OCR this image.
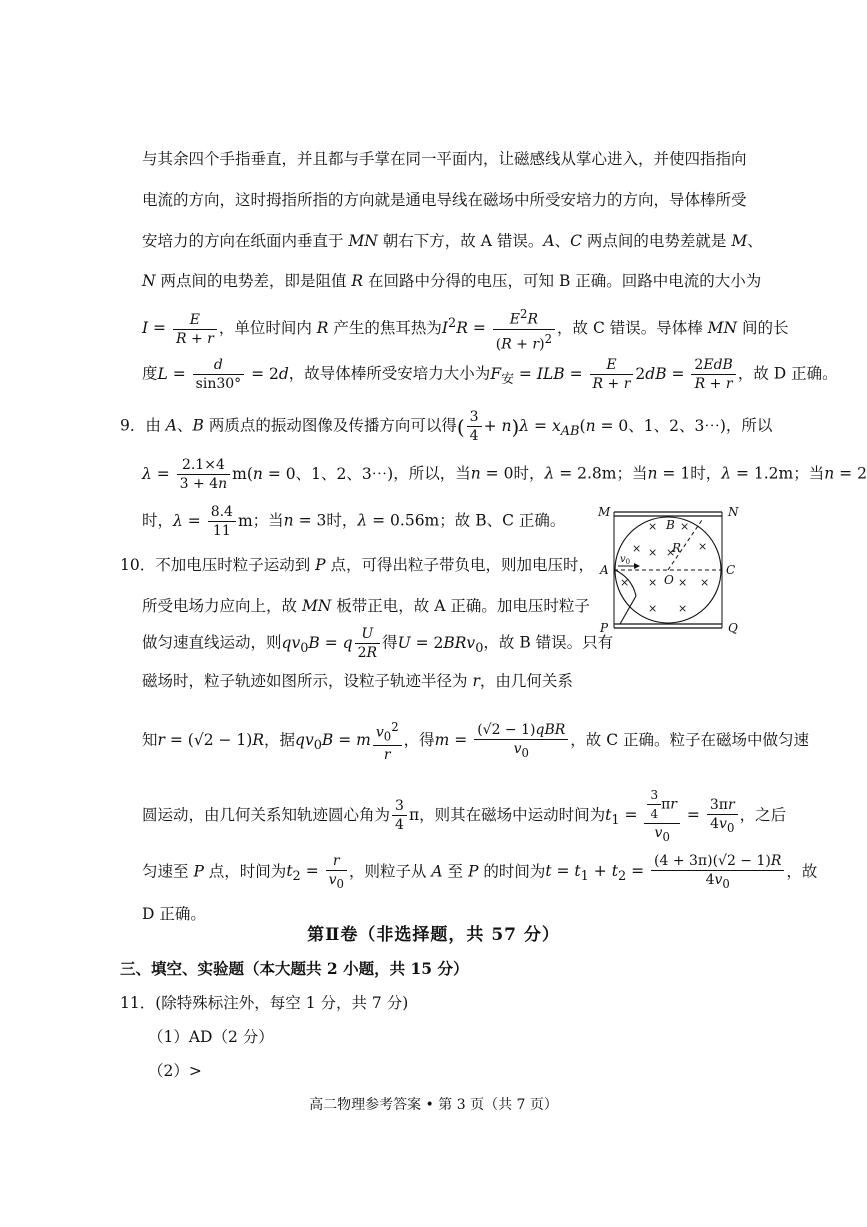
与其余四个手指垂直，并且都与手掌在同一平面内，让磁感线从掌心进入，并使四指指向
电流的方向，这时拇指所指的方向就是通电导线在磁场中所受安培力的方向，导体棒所受
安培力的方向在纸面内垂直于 MN 朝右下方，故 A 错误。A、C 两点间的电势差就是 M、
N 两点间的电势差，即是阻值 R 在回路中分得的电压，可知 B 正确。回路中电流的大小为
$I = \frac{E}{R + r}$ ，单位时间内 R 产生的焦耳热为$I^2R = \frac{E^2R}{(R + r)^2}$ ，故 C 错误。导体棒 MN 间的长
度$L = \frac{d}{\sin 30^\circ} = 2d$，故导体棒所受安培力大小为$F_安$ = ILB = $\frac{E}{R + r} 2dB = \frac{\text{2EdB}}{R + r}$ ，故 D 正确。
9．由 A、B 两质点的振动图像及传播方向可以得( $\frac{3}{4} + n)\lambda = x_{AB}(n = 0$、1、2、3⋯)，所以
$\lambda = \frac{2.1\times 4}{3 + 4n} m(n = 0$、1、2、3⋯)，所以，当n = 0时，λ = 2.8m；当n = 1时，λ = 1.2m；当n = 2
时，$\lambda = \frac{8.4}{11}$ m；当n = 3时，λ = 0.56m；故 B、C 正确。
10．不加电压时粒子运动到 P 点，可得出粒子带负电，则加电压时，
所受电场力应向上，故 MN 板带正电，故 A 正确。加电压时粒子
做匀速直线运动，则$qv_0B = q \frac{U}{2R}$ 得U = 2BRv$_0$，故 B 错误。只有
磁场时，粒子轨迹如图所示，设粒子轨迹半径为 r，由几何关系
知r = (√2 − 1)R，据$qv_0B = m \frac{v_0^2}{r}$ ，得$m = \frac{\text{(√2 − 1)qBR}}{v_0}$ ，故 C 正确。粒子在磁场中做匀速
圆运动，由几何关系知轨迹圆心角为 $\frac{3}{4}$ π，则其在磁场中运动时间为$t_1 = \frac{\frac{3}{4} \pi r}{v_0} = \frac{3\pi r}{4v_0}$ ，之后
匀速至 P 点，时间为$t_2 = \frac{r}{v_0}$ ，则粒子从 A 至 P 的时间为$t = t_1 + t_2 = \frac{(4 + 3\pi)(√2 - 1)R}{4v_0}$ ，故
D 正确。
× ×
× × × ×
× × × ×
× ×
M	N
P	Q
A	C
O
B
R
$v_0$
第Ⅱ卷（非选择题，共 57 分）
三、填空、实验题（本大题共 2 小题，共 15 分）
11．(除特殊标注外，每空 1 分，共 7 分)
（1）AD（2 分）
（2）>
高二物理参考答案 • 第 3 页（共 7 页）
